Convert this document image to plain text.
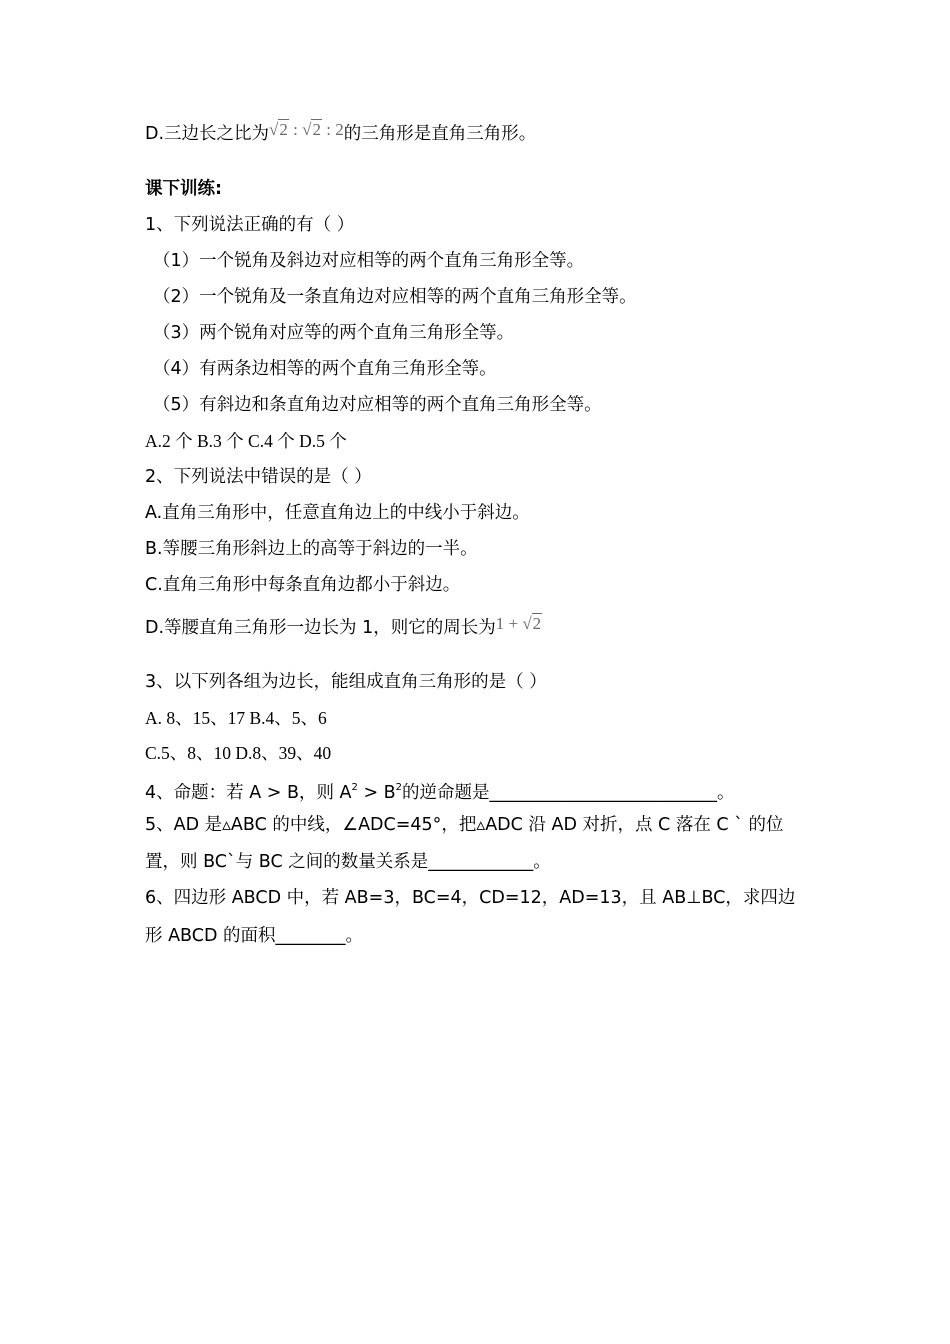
D.三边长之比为√2 : √2 : 2的三角形是直角三角形。
课下训练:
1、下列说法正确的有（ ）
（1）一个锐角及斜边对应相等的两个直角三角形全等。
（2）一个锐角及一条直角边对应相等的两个直角三角形全等。
（3）两个锐角对应等的两个直角三角形全等。
（4）有两条边相等的两个直角三角形全等。
（5）有斜边和条直角边对应相等的两个直角三角形全等。
A.2 个 B.3 个 C.4 个 D.5 个
2、下列说法中错误的是（ ）
A.直角三角形中，任意直角边上的中线小于斜边。
B.等腰三角形斜边上的高等于斜边的一半。
C.直角三角形中每条直角边都小于斜边。
D.等腰直角三角形一边长为 1，则它的周长为1 + √2
3、以下列各组为边长，能组成直角三角形的是（ ）
A. 8、15、17 B.4、5、6
C.5、8、10 D.8、39、40
4、命题：若 A > B，则 $A^2 > B^2$的逆命题是__________________________。
5、AD 是▵ABC 的中线，∠ADC=45°，把▵ADC 沿 AD 对折，点 C 落在 C ` 的位
置，则 BC`与 BC 之间的数量关系是____________。
6、四边形 ABCD 中，若 AB=3，BC=4，CD=12，AD=13，且 AB⊥BC，求四边
形 ABCD 的面积________。
